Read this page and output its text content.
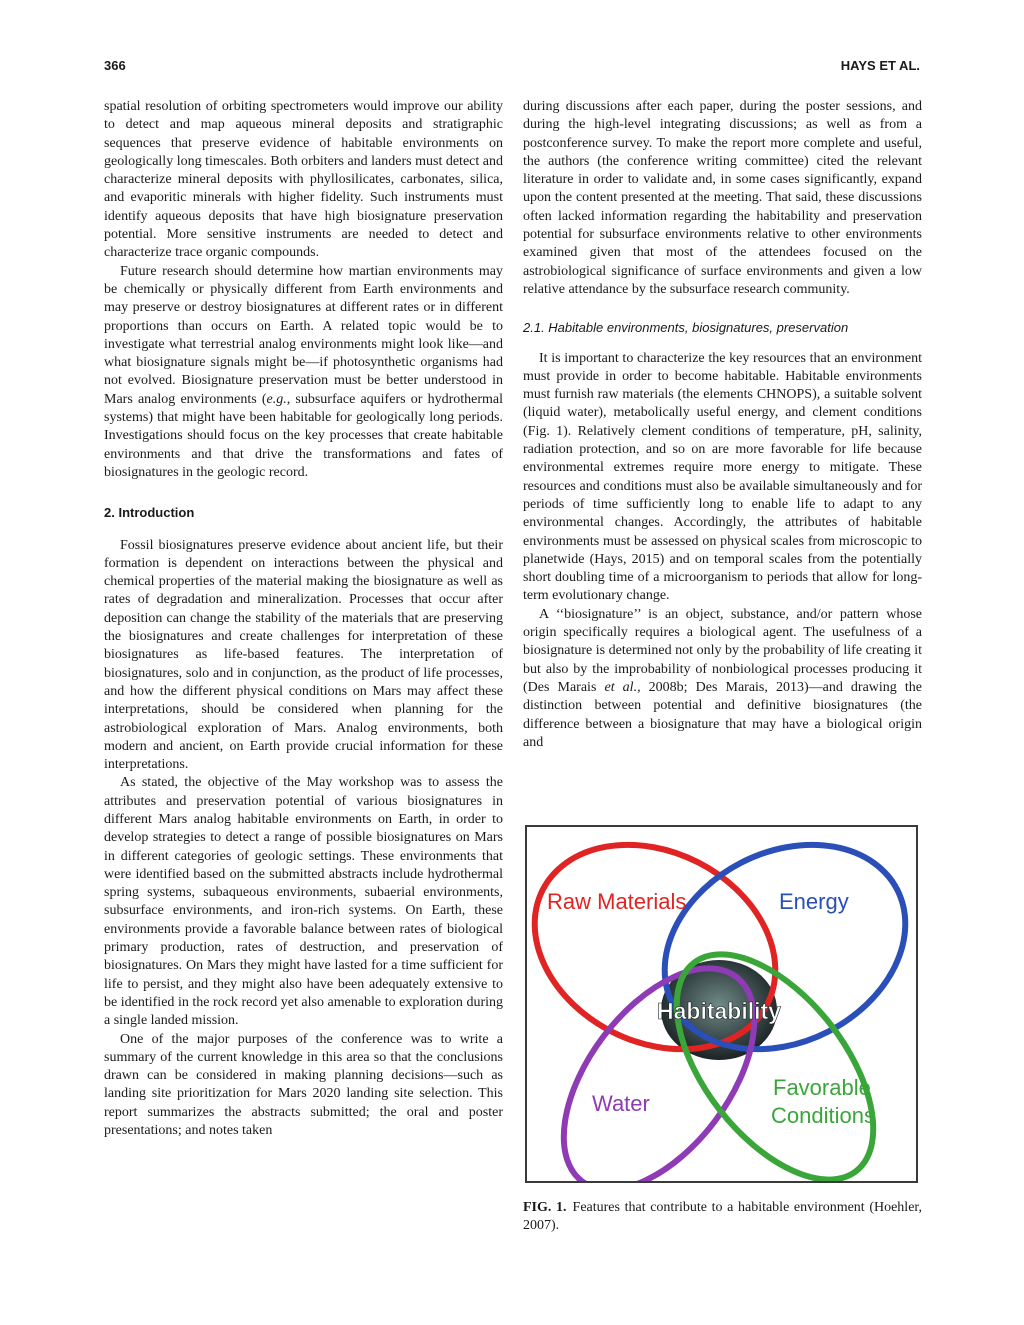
366	HAYS ET AL.

spatial resolution of orbiting spectrometers would improve our ability to detect and map aqueous mineral deposits and stratigraphic sequences that preserve evidence of habitable environments on geologically long timescales. Both orbiters and landers must detect and characterize mineral deposits with phyllosilicates, carbonates, silica, and evaporitic minerals with higher fidelity. Such instruments must identify aqueous deposits that have high biosignature preservation potential. More sensitive instruments are needed to detect and characterize trace organic compounds.

Future research should determine how martian environments may be chemically or physically different from Earth environments and may preserve or destroy biosignatures at different rates or in different proportions than occurs on Earth. A related topic would be to investigate what terrestrial analog environments might look like—and what biosignature signals might be—if photosynthetic organisms had not evolved. Biosignature preservation must be better understood in Mars analog environments (e.g., subsurface aquifers or hydrothermal systems) that might have been habitable for geologically long periods. Investigations should focus on the key processes that create habitable environments and that drive the transformations and fates of biosignatures in the geologic record.

2. Introduction

Fossil biosignatures preserve evidence about ancient life, but their formation is dependent on interactions between the physical and chemical properties of the material making the biosignature as well as rates of degradation and mineralization. Processes that occur after deposition can change the stability of the materials that are preserving the biosignatures and create challenges for interpretation of these biosignatures as life-based features. The interpretation of biosignatures, solo and in conjunction, as the product of life processes, and how the different physical conditions on Mars may affect these interpretations, should be considered when planning for the astrobiological exploration of Mars. Analog environments, both modern and ancient, on Earth provide crucial information for these interpretations.

As stated, the objective of the May workshop was to assess the attributes and preservation potential of various biosignatures in different Mars analog habitable environments on Earth, in order to develop strategies to detect a range of possible biosignatures on Mars in different categories of geologic settings. These environments that were identified based on the submitted abstracts include hydrothermal spring systems, subaqueous environments, subaerial environments, subsurface environments, and iron-rich systems. On Earth, these environments provide a favorable balance between rates of biological primary production, rates of destruction, and preservation of biosignatures. On Mars they might have lasted for a time sufficient for life to persist, and they might also have been adequately extensive to be identified in the rock record yet also amenable to exploration during a single landed mission.

One of the major purposes of the conference was to write a summary of the current knowledge in this area so that the conclusions drawn can be considered in making planning decisions—such as landing site prioritization for Mars 2020 landing site selection. This report summarizes the abstracts submitted; the oral and poster presentations; and notes taken

during discussions after each paper, during the poster sessions, and during the high-level integrating discussions; as well as from a postconference survey. To make the report more complete and useful, the authors (the conference writing committee) cited the relevant literature in order to validate and, in some cases significantly, expand upon the content presented at the meeting. That said, these discussions often lacked information regarding the habitability and preservation potential for subsurface environments relative to other environments examined given that most of the attendees focused on the astrobiological significance of surface environments and given a low relative attendance by the subsurface research community.

2.1. Habitable environments, biosignatures, preservation

It is important to characterize the key resources that an environment must provide in order to become habitable. Habitable environments must furnish raw materials (the elements CHNOPS), a suitable solvent (liquid water), metabolically useful energy, and clement conditions (Fig. 1). Relatively clement conditions of temperature, pH, salinity, radiation protection, and so on are more favorable for life because environmental extremes require more energy to mitigate. These resources and conditions must also be available simultaneously and for periods of time sufficiently long to enable life to adapt to any environmental changes. Accordingly, the attributes of habitable environments must be assessed on physical scales from microscopic to planetwide (Hays, 2015) and on temporal scales from the potentially short doubling time of a microorganism to periods that allow for long-term evolutionary change.

A ‘‘biosignature’’ is an object, substance, and/or pattern whose origin specifically requires a biological agent. The usefulness of a biosignature is determined not only by the probability of life creating it but also by the improbability of nonbiological processes producing it (Des Marais et al., 2008b; Des Marais, 2013)—and drawing the distinction between potential and definitive biosignatures (the difference between a biosignature that may have a biological origin and

Raw Materials	Energy
Habitability
Water
Favorable
Conditions
FIG. 1. Features that contribute to a habitable environment (Hoehler, 2007).
